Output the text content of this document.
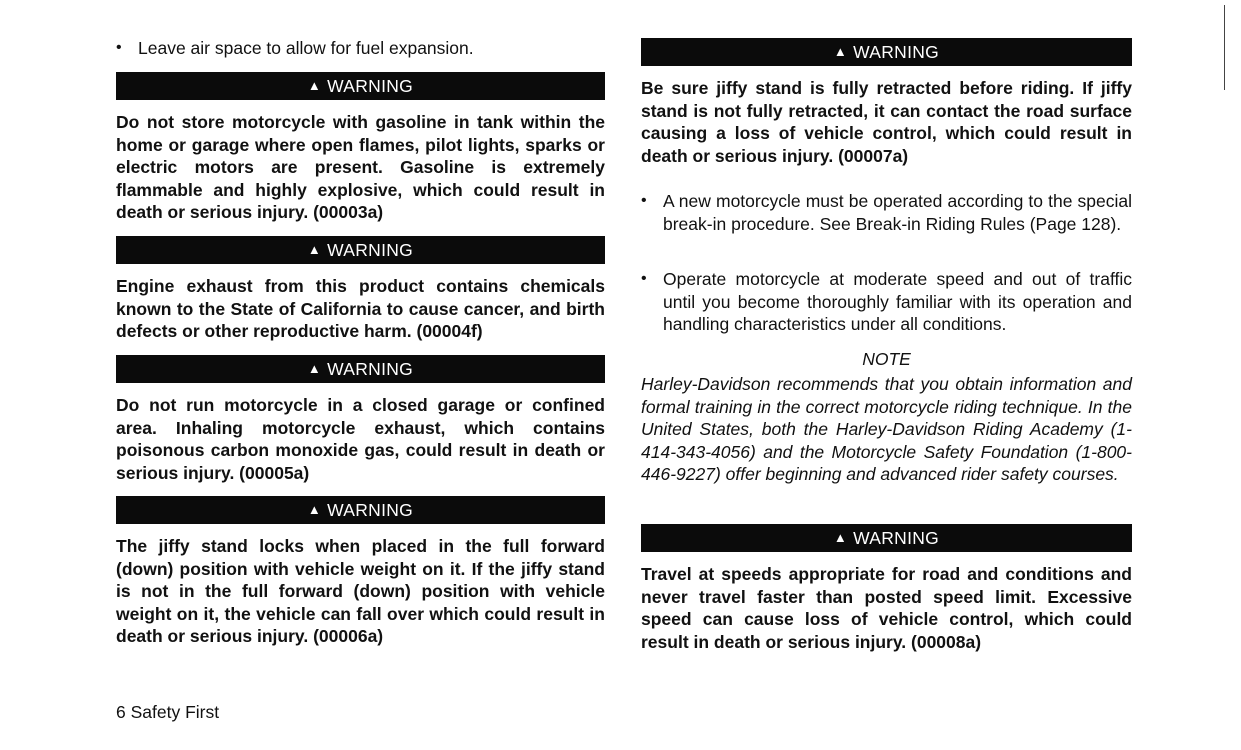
• Leave air space to allow for fuel expansion.
▲ WARNING
Do not store motorcycle with gasoline in tank within the home or garage where open flames, pilot lights, sparks or electric motors are present. Gasoline is extremely flammable and highly explosive, which could result in death or serious injury. (00003a)
▲ WARNING
Engine exhaust from this product contains chemicals known to the State of California to cause cancer, and birth defects or other reproductive harm. (00004f)
▲ WARNING
Do not run motorcycle in a closed garage or confined area. Inhaling motorcycle exhaust, which contains poisonous carbon monoxide gas, could result in death or serious injury. (00005a)
▲ WARNING
The jiffy stand locks when placed in the full forward (down) position with vehicle weight on it. If the jiffy stand is not in the full forward (down) position with vehicle weight on it, the vehicle can fall over which could result in death or serious injury. (00006a)
▲ WARNING
Be sure jiffy stand is fully retracted before riding. If jiffy stand is not fully retracted, it can contact the road surface causing a loss of vehicle control, which could result in death or serious injury. (00007a)
• A new motorcycle must be operated according to the special break-in procedure. See Break-in Riding Rules (Page 128).
• Operate motorcycle at moderate speed and out of traffic until you become thoroughly familiar with its operation and handling characteristics under all conditions.
NOTE
Harley-Davidson recommends that you obtain information and formal training in the correct motorcycle riding technique. In the United States, both the Harley-Davidson Riding Academy (1-414-343-4056) and the Motorcycle Safety Foundation (1-800-446-9227) offer beginning and advanced rider safety courses.
▲ WARNING
Travel at speeds appropriate for road and conditions and never travel faster than posted speed limit. Excessive speed can cause loss of vehicle control, which could result in death or serious injury. (00008a)
6 Safety First
